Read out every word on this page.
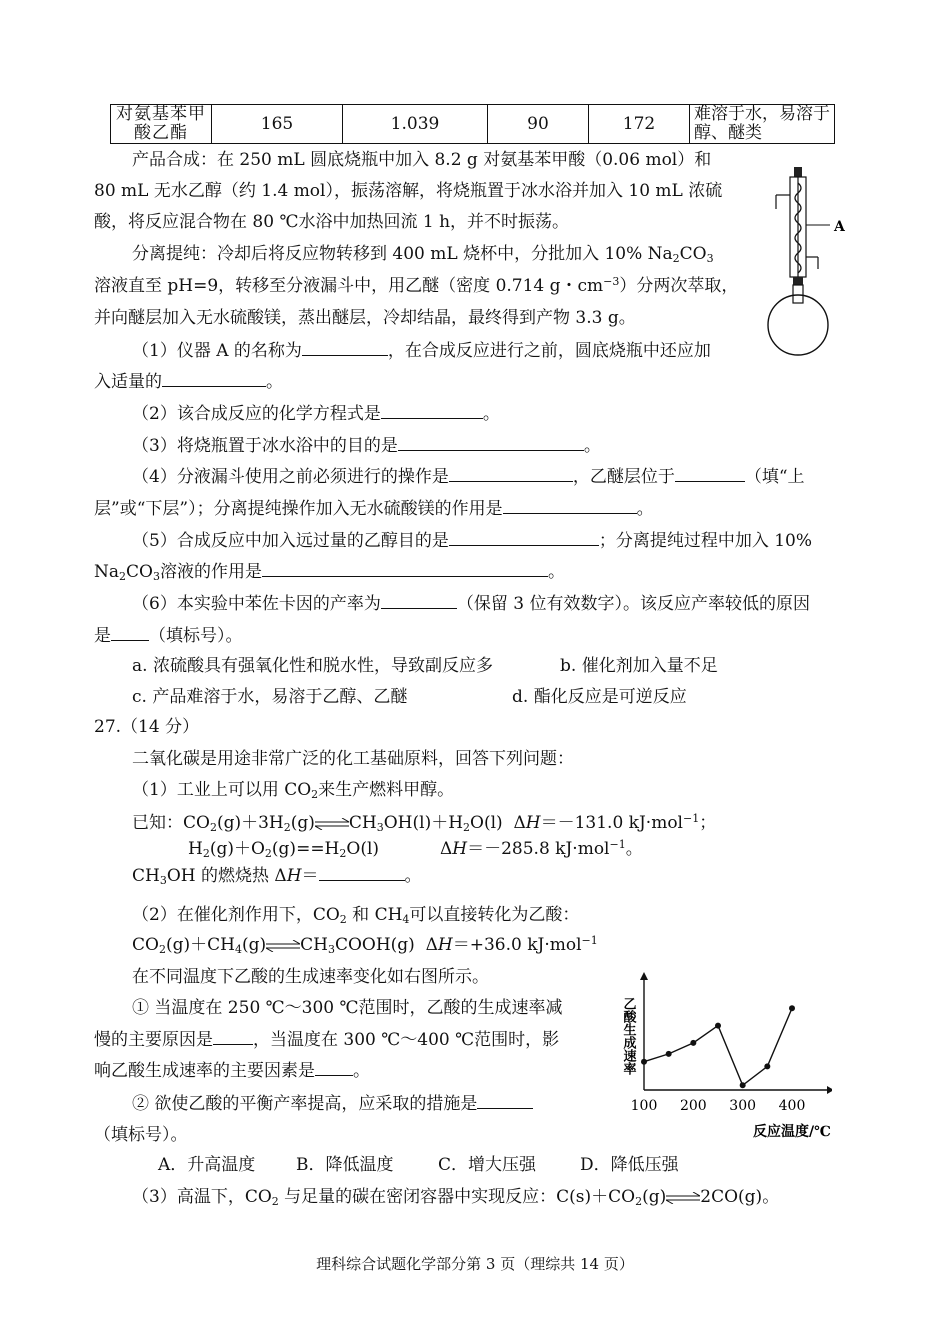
对氨基苯甲酸乙酯	165	1.039	90	172	难溶于水，易溶于醇、醚类
产品合成：在 250 mL 圆底烧瓶中加入 8.2 g 对氨基苯甲酸（0.06 mol）和
80 mL 无水乙醇（约 1.4 mol），振荡溶解，将烧瓶置于冰水浴并加入 10 mL 浓硫
酸，将反应混合物在 80 ℃水浴中加热回流 1 h，并不时振荡。
分离提纯：冷却后将反应物转移到 400 mL 烧杯中，分批加入 10% $Na_2CO_3$
溶液直至 pH=9，转移至分液漏斗中，用乙醚（密度 0.714 g・$cm^{-3}$）分两次萃取，
并向醚层加入无水硫酸镁，蒸出醚层，冷却结晶，最终得到产物 3.3 g。
A
（1）仪器 A 的名称为	，在合成反应进行之前，圆底烧瓶中还应加
入适量的	。
（2）该合成反应的化学方程式是	。
（3）将烧瓶置于冰水浴中的目的是	。
（4）分液漏斗使用之前必须进行的操作是	，乙醚层位于	（填“上
层”或“下层”）；分离提纯操作加入无水硫酸镁的作用是	。
（5）合成反应中加入远过量的乙醇目的是	；分离提纯过程中加入 10%
$Na_2CO_3$溶液的作用是	。
（6）本实验中苯佐卡因的产率为	（保留 3 位有效数字）。该反应产率较低的原因
是 （填标号）。
a. 浓硫酸具有强氧化性和脱水性，导致副反应多	b. 催化剂加入量不足
c. 产品难溶于水，易溶于乙醇、乙醚	d. 酯化反应是可逆反应
27.（14 分）
二氧化碳是用途非常广泛的化工基础原料，回答下列问题：
（1）工业上可以用 $CO_2$来生产燃料甲醇。
已知：$CO_2(g)+3H_2(g)\rightleftharpoons CH_3OH(l)+H_2O(l)$  ΔH＝－131.0 kJ·mol$^{-1}$；
$H_2(g)+O_2(g)==H_2O(l)$	ΔH＝－285.8 kJ·mol$^{-1}$。
$CH_3OH$ 的燃烧热 ΔH＝	。
（2）在催化剂作用下，$CO_2$ 和 $CH_4$可以直接转化为乙酸：
$CO_2(g)+CH_4(g)\rightleftharpoons CH_3COOH(g)$  ΔH＝+36.0 kJ·mol$^{-1}$
在不同温度下乙酸的生成速率变化如右图所示。
① 当温度在 250 ℃～300 ℃范围时，乙酸的生成速率减
慢的主要原因是 ，当温度在 300 ℃～400 ℃范围时，影
响乙酸生成速率的主要因素是 。
② 欲使乙酸的平衡产率提高，应采取的措施是
（填标号）。
A．升高温度 B．降低温度	C．增大压强	D．降低压强
（3）高温下，$CO_2$ 与足量的碳在密闭容器中实现反应：$C(s)+CO_2(g)\rightleftharpoons 2CO(g)$。
乙酸生成速率
反应温度/℃
100 200 300 400
理科综合试题化学部分第 3 页（理综共 14 页）
